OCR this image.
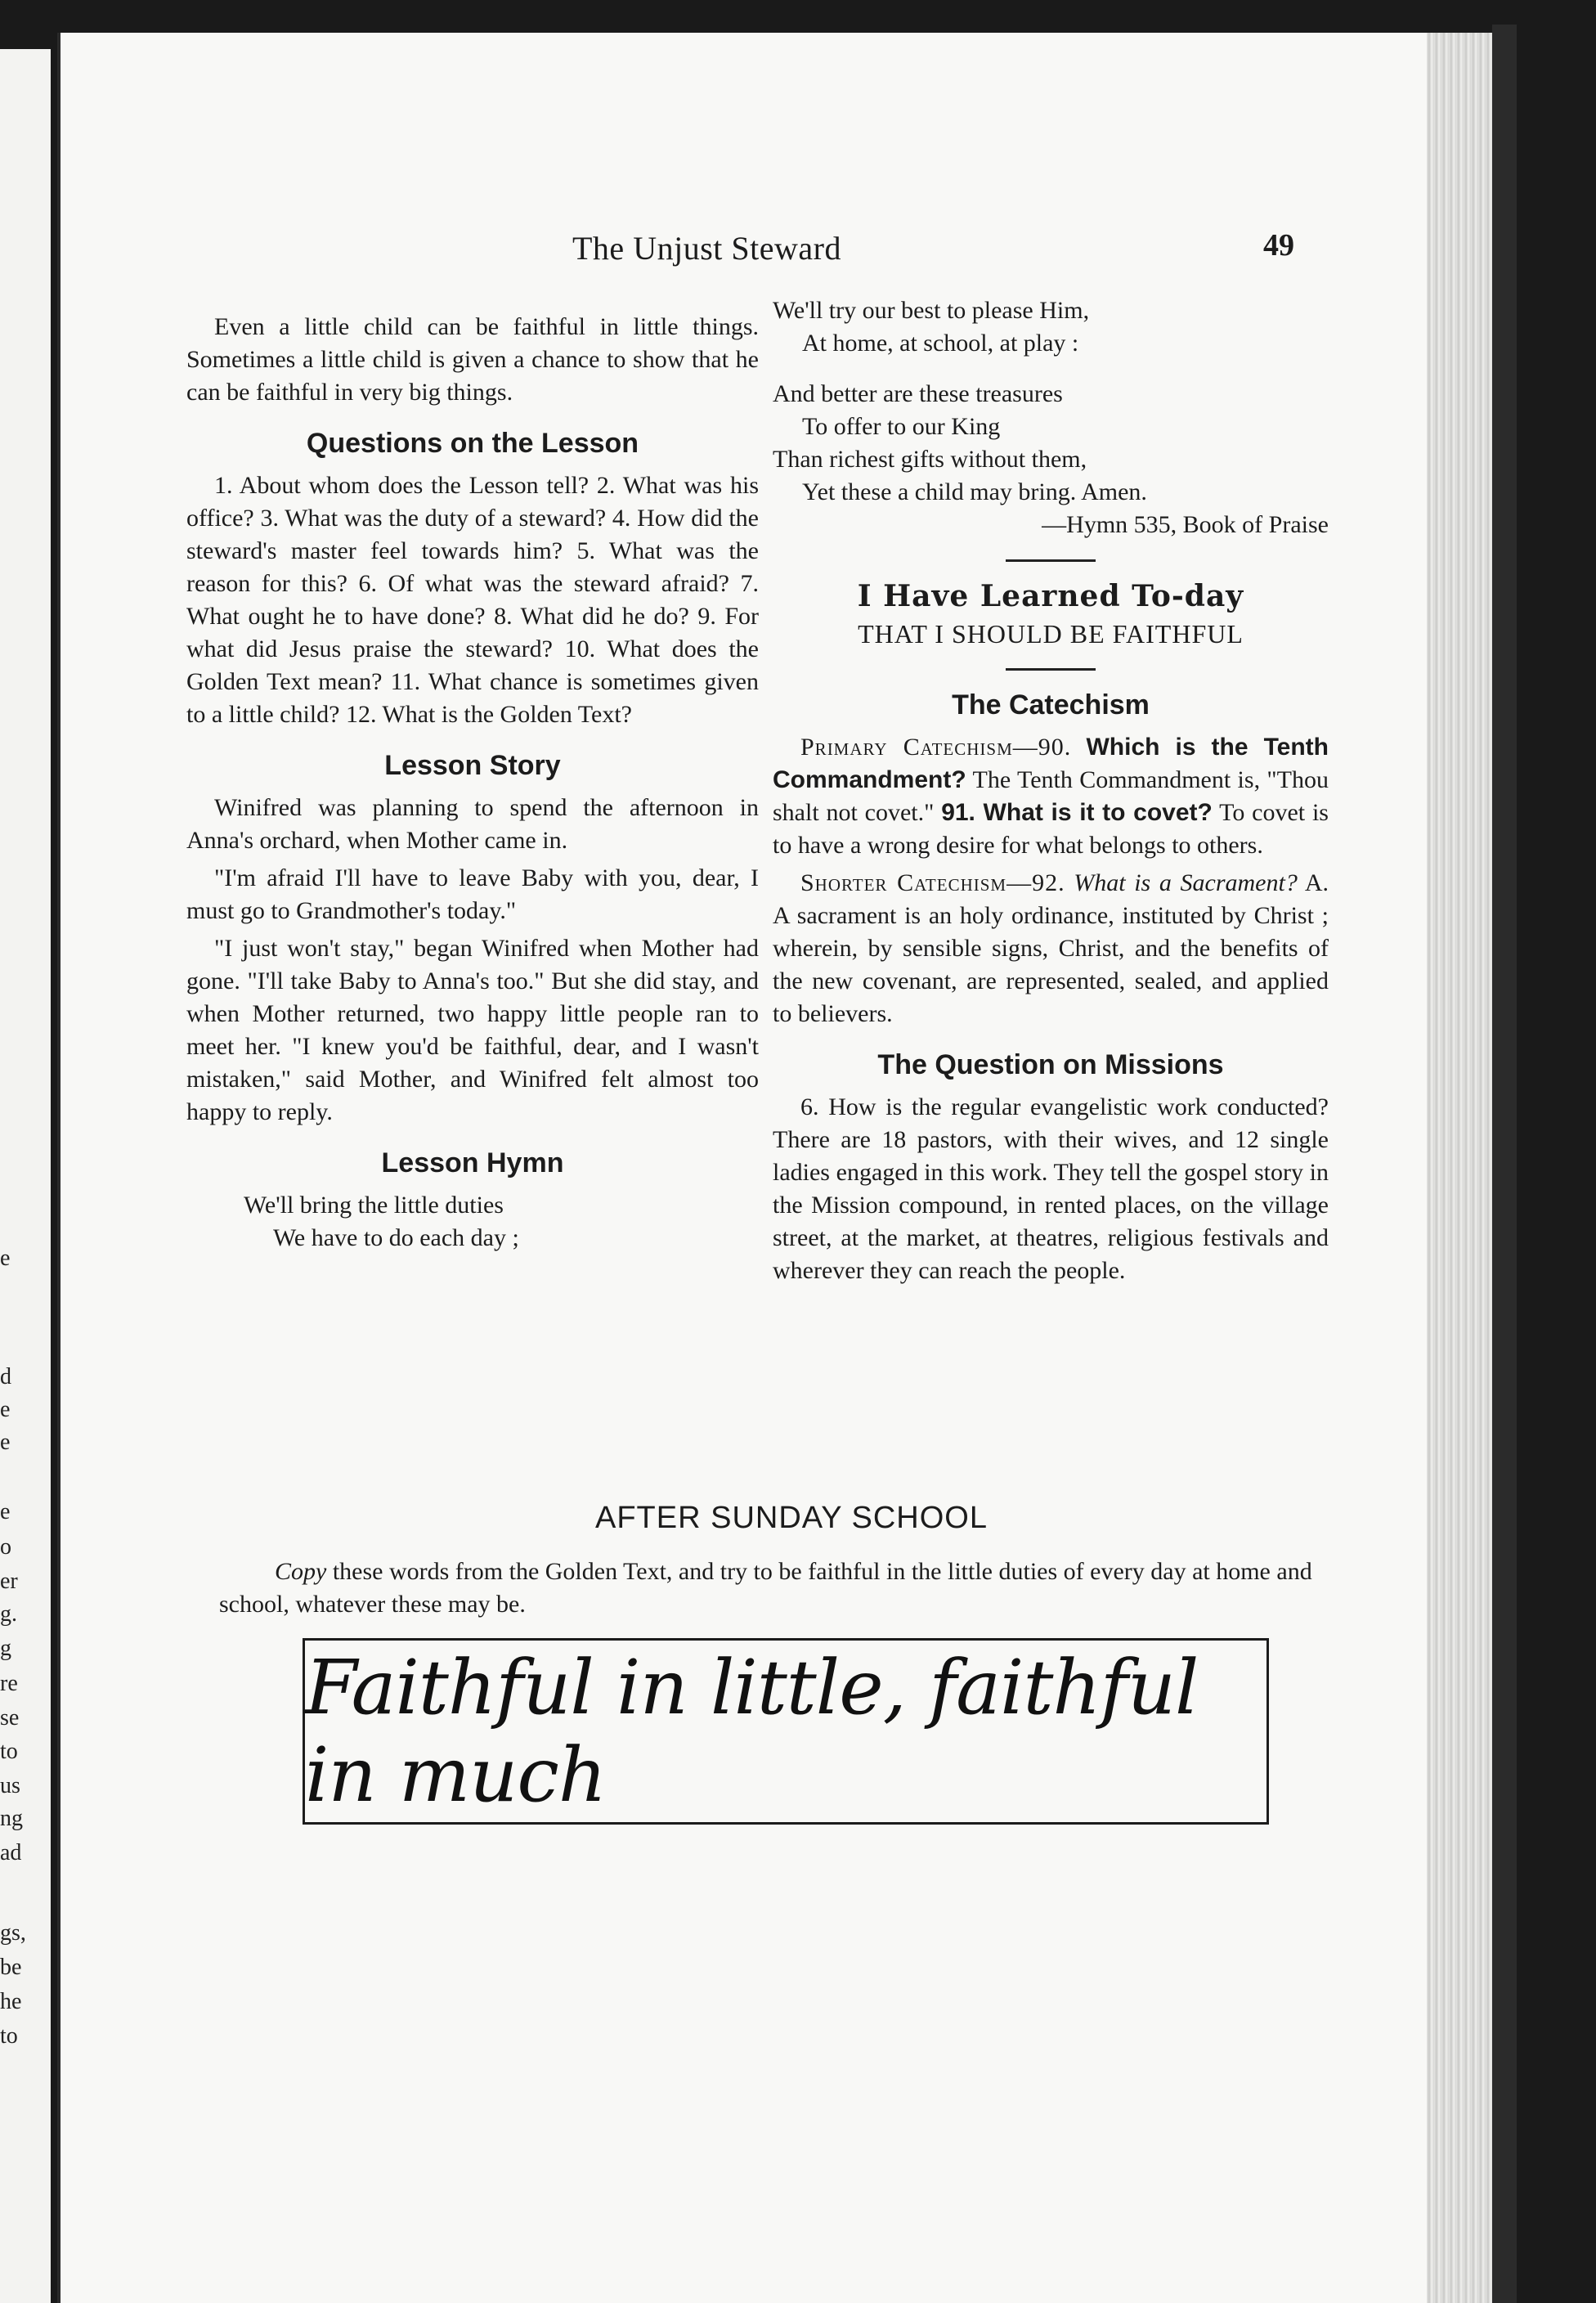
e
d
e
e
e
o
er
g.
g
re
se
to
us
ng
ad
gs,
be
he
to
The Unjust Steward	49

Even a little child can be faithful in little things. Sometimes a little child is given a chance to show that he can be faithful in very big things.

Questions on the Lesson

1. About whom does the Lesson tell? 2. What was his office? 3. What was the duty of a steward? 4. How did the steward's master feel towards him? 5. What was the reason for this? 6. Of what was the steward afraid? 7. What ought he to have done? 8. What did he do? 9. For what did Jesus praise the steward? 10. What does the Golden Text mean? 11. What chance is sometimes given to a little child? 12. What is the Golden Text?

Lesson Story

Winifred was planning to spend the afternoon in Anna's orchard, when Mother came in.

"I'm afraid I'll have to leave Baby with you, dear, I must go to Grandmother's today."

"I just won't stay," began Winifred when Mother had gone. "I'll take Baby to Anna's too." But she did stay, and when Mother returned, two happy little people ran to meet her. "I knew you'd be faithful, dear, and I wasn't mistaken," said Mother, and Winifred felt almost too happy to reply.

Lesson Hymn
We'll bring the little duties
We have to do each day ;
We'll try our best to please Him,
At home, at school, at play :
And better are these treasures
To offer to our King
Than richest gifts without them,
Yet these a child may bring. Amen.

—Hymn 535, Book of Praise

I Have Learned To-day
THAT I SHOULD BE FAITHFUL
The Catechism

Primary Catechism—90. Which is the Tenth Commandment? The Tenth Commandment is, "Thou shalt not covet." 91. What is it to covet? To covet is to have a wrong desire for what belongs to others.

Shorter Catechism—92. What is a Sacrament? A. A sacrament is an holy ordinance, instituted by Christ ; wherein, by sensible signs, Christ, and the benefits of the new covenant, are represented, sealed, and applied to believers.

The Question on Missions

6. How is the regular evangelistic work conducted? There are 18 pastors, with their wives, and 12 single ladies engaged in this work. They tell the gospel story in the Mission compound, in rented places, on the village street, at the market, at theatres, religious festivals and wherever they can reach the people.

AFTER SUNDAY SCHOOL
Copy these words from the Golden Text, and try to be faithful in the little duties of every day at home and school, whatever these may be.
Faithful in little, faithful in much
